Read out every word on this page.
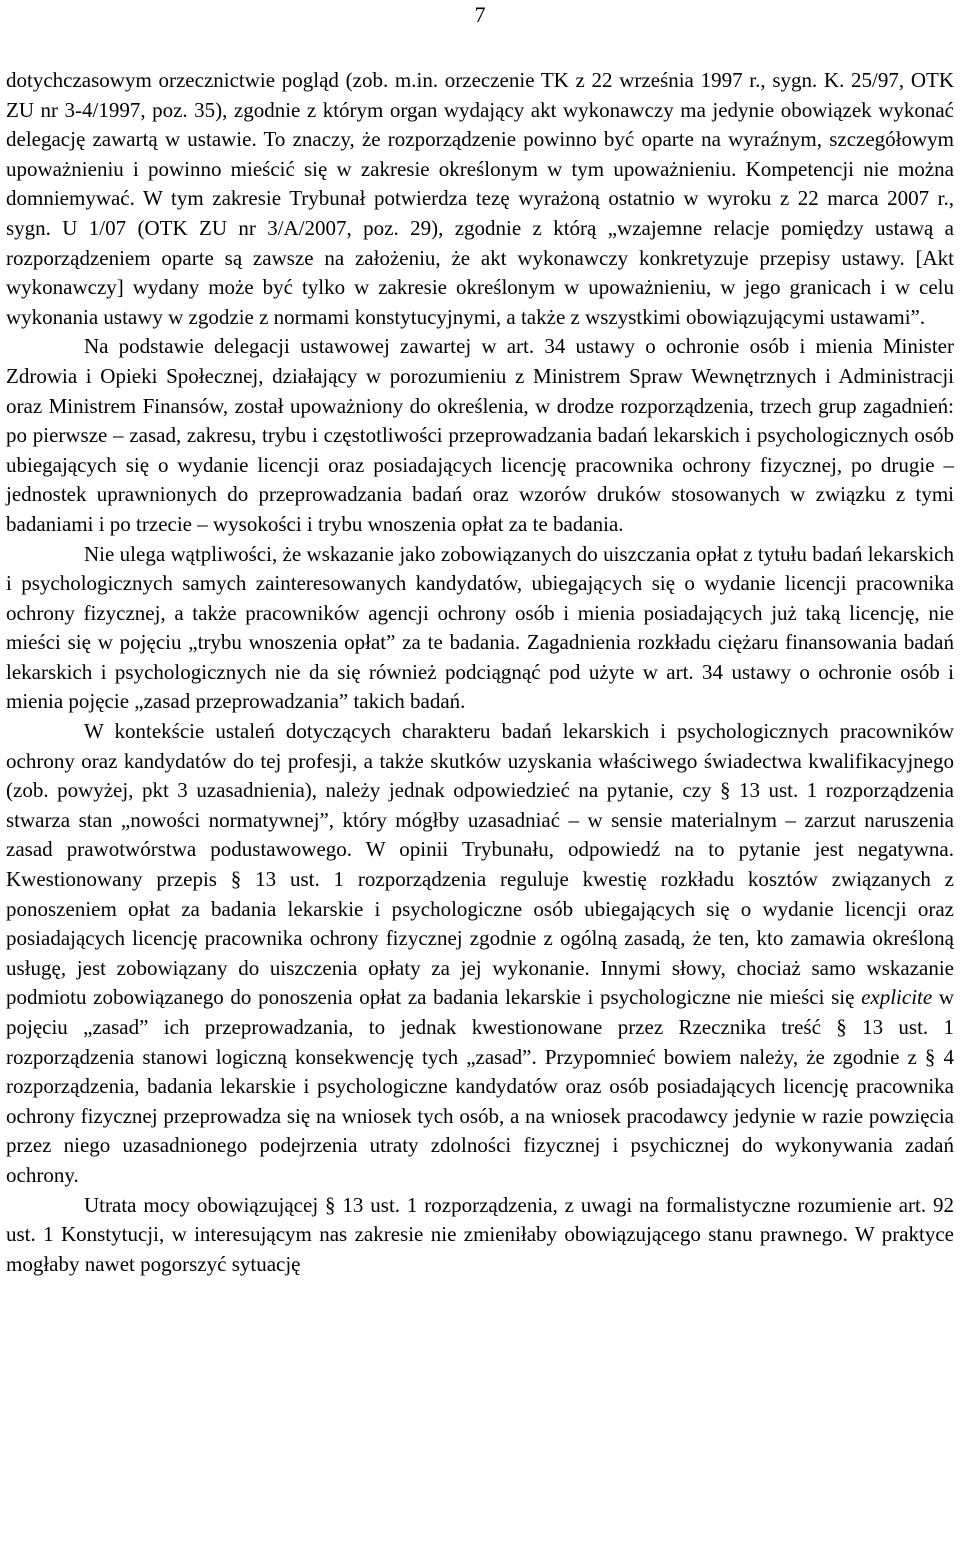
7

dotychczasowym orzecznictwie pogląd (zob. m.in. orzeczenie TK z 22 września 1997 r., sygn. K. 25/97, OTK ZU nr 3-4/1997, poz. 35), zgodnie z którym organ wydający akt wykonawczy ma jedynie obowiązek wykonać delegację zawartą w ustawie. To znaczy, że rozporządzenie powinno być oparte na wyraźnym, szczegółowym upoważnieniu i powinno mieścić się w zakresie określonym w tym upoważnieniu. Kompetencji nie można domniemywać. W tym zakresie Trybunał potwierdza tezę wyrażoną ostatnio w wyroku z 22 marca 2007 r., sygn. U 1/07 (OTK ZU nr 3/A/2007, poz. 29), zgodnie z którą „wzajemne relacje pomiędzy ustawą a rozporządzeniem oparte są zawsze na założeniu, że akt wykonawczy konkretyzuje przepisy ustawy. [Akt wykonawczy] wydany może być tylko w zakresie określonym w upoważnieniu, w jego granicach i w celu wykonania ustawy w zgodzie z normami konstytucyjnymi, a także z wszystkimi obowiązującymi ustawami”.

Na podstawie delegacji ustawowej zawartej w art. 34 ustawy o ochronie osób i mienia Minister Zdrowia i Opieki Społecznej, działający w porozumieniu z Ministrem Spraw Wewnętrznych i Administracji oraz Ministrem Finansów, został upoważniony do określenia, w drodze rozporządzenia, trzech grup zagadnień: po pierwsze – zasad, zakresu, trybu i częstotliwości przeprowadzania badań lekarskich i psychologicznych osób ubiegających się o wydanie licencji oraz posiadających licencję pracownika ochrony fizycznej, po drugie – jednostek uprawnionych do przeprowadzania badań oraz wzorów druków stosowanych w związku z tymi badaniami i po trzecie – wysokości i trybu wnoszenia opłat za te badania.

Nie ulega wątpliwości, że wskazanie jako zobowiązanych do uiszczania opłat z tytułu badań lekarskich i psychologicznych samych zainteresowanych kandydatów, ubiegających się o wydanie licencji pracownika ochrony fizycznej, a także pracowników agencji ochrony osób i mienia posiadających już taką licencję, nie mieści się w pojęciu „trybu wnoszenia opłat” za te badania. Zagadnienia rozkładu ciężaru finansowania badań lekarskich i psychologicznych nie da się również podciągnąć pod użyte w art. 34 ustawy o ochronie osób i mienia pojęcie „zasad przeprowadzania” takich badań.

W kontekście ustaleń dotyczących charakteru badań lekarskich i psychologicznych pracowników ochrony oraz kandydatów do tej profesji, a także skutków uzyskania właściwego świadectwa kwalifikacyjnego (zob. powyżej, pkt 3 uzasadnienia), należy jednak odpowiedzieć na pytanie, czy § 13 ust. 1 rozporządzenia stwarza stan „nowości normatywnej”, który mógłby uzasadniać – w sensie materialnym – zarzut naruszenia zasad prawotwórstwa podustawowego. W opinii Trybunału, odpowiedź na to pytanie jest negatywna. Kwestionowany przepis § 13 ust. 1 rozporządzenia reguluje kwestię rozkładu kosztów związanych z ponoszeniem opłat za badania lekarskie i psychologiczne osób ubiegających się o wydanie licencji oraz posiadających licencję pracownika ochrony fizycznej zgodnie z ogólną zasadą, że ten, kto zamawia określoną usługę, jest zobowiązany do uiszczenia opłaty za jej wykonanie. Innymi słowy, chociaż samo wskazanie podmiotu zobowiązanego do ponoszenia opłat za badania lekarskie i psychologiczne nie mieści się explicite w pojęciu „zasad” ich przeprowadzania, to jednak kwestionowane przez Rzecznika treść § 13 ust. 1 rozporządzenia stanowi logiczną konsekwencję tych „zasad”. Przypomnieć bowiem należy, że zgodnie z § 4 rozporządzenia, badania lekarskie i psychologiczne kandydatów oraz osób posiadających licencję pracownika ochrony fizycznej przeprowadza się na wniosek tych osób, a na wniosek pracodawcy jedynie w razie powzięcia przez niego uzasadnionego podejrzenia utraty zdolności fizycznej i psychicznej do wykonywania zadań ochrony.

Utrata mocy obowiązującej § 13 ust. 1 rozporządzenia, z uwagi na formalistyczne rozumienie art. 92 ust. 1 Konstytucji, w interesującym nas zakresie nie zmieniłaby obowiązującego stanu prawnego. W praktyce mogłaby nawet pogorszyć sytuację
